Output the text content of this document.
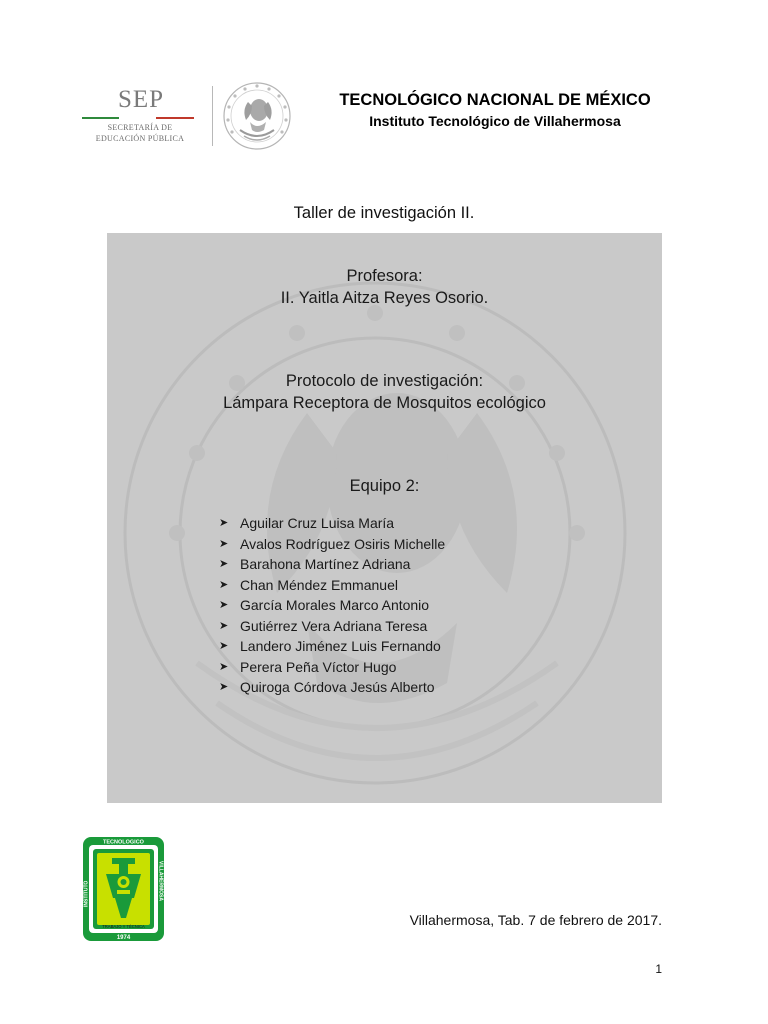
SEP
SECRETARÍA DE
EDUCACIÓN PÚBLICA
TECNOLÓGICO NACIONAL DE MÉXICO
Instituto Tecnológico de Villahermosa
Taller de investigación II.
Profesora:
II. Yaitla Aitza Reyes Osorio.
Protocolo de investigación:
Lámpara Receptora de Mosquitos ecológico
Equipo 2:
➤ Aguilar Cruz Luisa María
➤ Avalos Rodríguez Osiris Michelle
➤ Barahona Martínez Adriana
➤ Chan Méndez Emmanuel
➤ García Morales Marco Antonio
➤ Gutiérrez Vera Adriana Teresa
➤ Landero Jiménez Luis Fernando
➤ Perera Peña Víctor Hugo
➤ Quiroga Córdova Jesús Alberto
TECNOLOGICO
1974
INSTITUTO	VILLAHERMOSA
TRABAJO Y TÉCNICA	Villahermosa, Tab. 7 de febrero de 2017.
1
